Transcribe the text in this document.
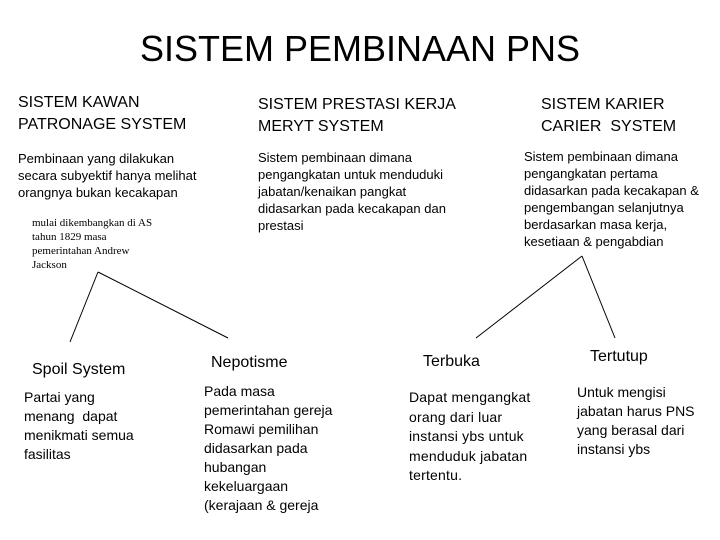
SISTEM PEMBINAAN PNS
SISTEM KAWAN
PATRONAGE SYSTEM
Pembinaan yang dilakukan
secara subyektif hanya melihat
orangnya bukan kecakapan
mulai dikembangkan di AS
tahun 1829 masa
pemerintahan Andrew
Jackson
SISTEM PRESTASI KERJA
MERYT SYSTEM
Sistem pembinaan dimana
pengangkatan untuk menduduki
jabatan/kenaikan pangkat
didasarkan pada kecakapan dan
prestasi
SISTEM KARIER
CARIER  SYSTEM
Sistem pembinaan dimana
pengangkatan pertama
didasarkan pada kecakapan &
pengembangan selanjutnya
berdasarkan masa kerja,
kesetiaan & pengabdian
Spoil System
Partai yang
menang  dapat
menikmati semua
fasilitas
Nepotisme
Pada masa
pemerintahan gereja
Romawi pemilihan
didasarkan pada
hubangan
kekeluargaan
(kerajaan & gereja
Terbuka
Dapat mengangkat
orang dari luar
instansi ybs untuk
menduduk jabatan
tertentu.
Tertutup
Untuk mengisi
jabatan harus PNS
yang berasal dari
instansi ybs
